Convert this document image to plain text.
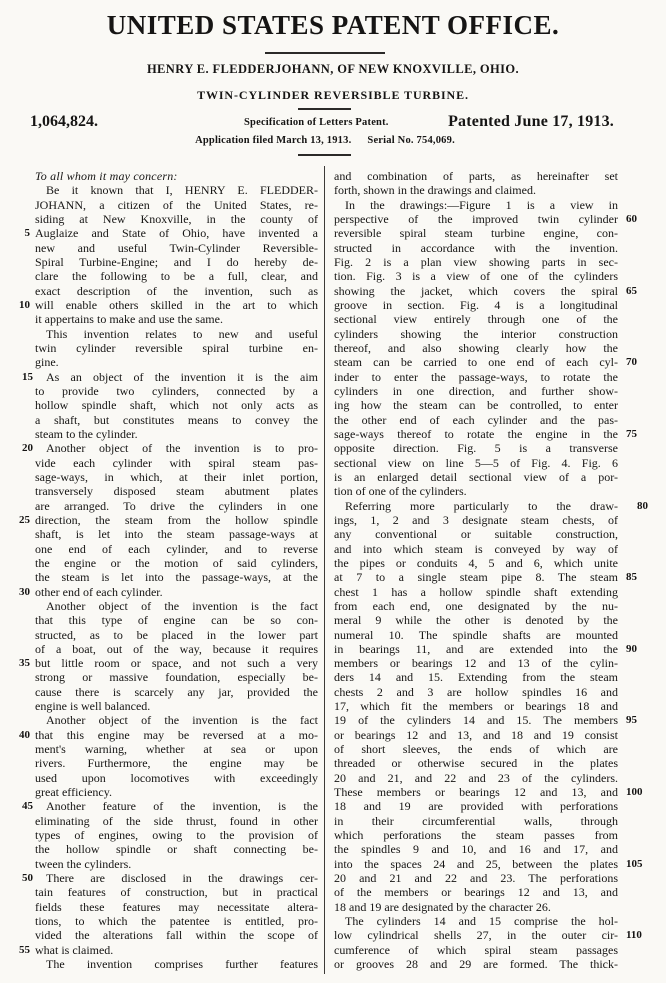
UNITED STATES PATENT OFFICE.
HENRY E. FLEDDERJOHANN, OF NEW KNOXVILLE, OHIO.
TWIN-CYLINDER REVERSIBLE TURBINE.
1,064,824.	Specification of Letters Patent.	Patented June 17, 1913.
Application filed March 13, 1913. Serial No. 754,069.
To all whom it may concern:
Be it known that I, HENRY E. FLEDDER-
JOHANN, a citizen of the United States, re-
siding at New Knoxville, in the county of
5 Auglaize and State of Ohio, have invented a
new and useful Twin-Cylinder Reversible-
Spiral Turbine-Engine; and I do hereby de-
clare the following to be a full, clear, and
exact description of the invention, such as
10 will enable others skilled in the art to which
it appertains to make and use the same.
This invention relates to new and useful
twin cylinder reversible spiral turbine en-
gine.
15 As an object of the invention it is the aim
to provide two cylinders, connected by a
hollow spindle shaft, which not only acts as
a shaft, but constitutes means to convey the
steam to the cylinder.
20 Another object of the invention is to pro-
vide each cylinder with spiral steam pas-
sage-ways, in which, at their inlet portion,
transversely disposed steam abutment plates
are arranged. To drive the cylinders in one
25 direction, the steam from the hollow spindle
shaft, is let into the steam passage-ways at
one end of each cylinder, and to reverse
the engine or the motion of said cylinders,
the steam is let into the passage-ways, at the
30 other end of each cylinder.
Another object of the invention is the fact
that this type of engine can be so con-
structed, as to be placed in the lower part
of a boat, out of the way, because it requires
35 but little room or space, and not such a very
strong or massive foundation, especially be-
cause there is scarcely any jar, provided the
engine is well balanced.
Another object of the invention is the fact
40 that this engine may be reversed at a mo-
ment's warning, whether at sea or upon
rivers. Furthermore, the engine may be
used upon locomotives with exceedingly
great efficiency.
45 Another feature of the invention, is the
eliminating of the side thrust, found in other
types of engines, owing to the provision of
the hollow spindle or shaft connecting be-
tween the cylinders.
50 There are disclosed in the drawings cer-
tain features of construction, but in practical
fields these features may necessitate altera-
tions, to which the patentee is entitled, pro-
vided the alterations fall within the scope of
55 what is claimed.
The invention comprises further features
and combination of parts, as hereinafter set
forth, shown in the drawings and claimed.
In the drawings:—Figure 1 is a view in
60
perspective of the improved twin cylinder
reversible spiral steam turbine engine, con-
structed in accordance with the invention.
Fig. 2 is a plan view showing parts in sec-
tion. Fig. 3 is a view of one of the cylinders
65
showing the jacket, which covers the spiral
groove in section. Fig. 4 is a longitudinal
sectional view entirely through one of the
cylinders showing the interior construction
thereof, and also showing clearly how the
70
steam can be carried to one end of each cyl-
inder to enter the passage-ways, to rotate the
cylinders in one direction, and further show-
ing how the steam can be controlled, to enter
the other end of each cylinder and the pas-
75
sage-ways thereof to rotate the engine in the
opposite direction. Fig. 5 is a transverse
sectional view on line 5—5 of Fig. 4. Fig. 6
is an enlarged detail sectional view of a por-
tion of one of the cylinders.
80
Referring more particularly to the draw-
ings, 1, 2 and 3 designate steam chests, of
any conventional or suitable construction,
and into which steam is conveyed by way of
the pipes or conduits 4, 5 and 6, which unite
85
at 7 to a single steam pipe 8. The steam
chest 1 has a hollow spindle shaft extending
from each end, one designated by the nu-
meral 9 while the other is denoted by the
numeral 10. The spindle shafts are mounted
90
in bearings 11, and are extended into the
members or bearings 12 and 13 of the cylin-
ders 14 and 15. Extending from the steam
chests 2 and 3 are hollow spindles 16 and
17, which fit the members or bearings 18 and
95
19 of the cylinders 14 and 15. The members
or bearings 12 and 13, and 18 and 19 consist
of short sleeves, the ends of which are
threaded or otherwise secured in the plates
20 and 21, and 22 and 23 of the cylinders.
100
These members or bearings 12 and 13, and
18 and 19 are provided with perforations
in their circumferential walls, through
which perforations the steam passes from
the spindles 9 and 10, and 16 and 17, and
105
into the spaces 24 and 25, between the plates
20 and 21 and 22 and 23. The perforations
of the members or bearings 12 and 13, and
18 and 19 are designated by the character 26.
The cylinders 14 and 15 comprise the hol-
110
low cylindrical shells 27, in the outer cir-
cumference of which spiral steam passages
or grooves 28 and 29 are formed. The thick-
